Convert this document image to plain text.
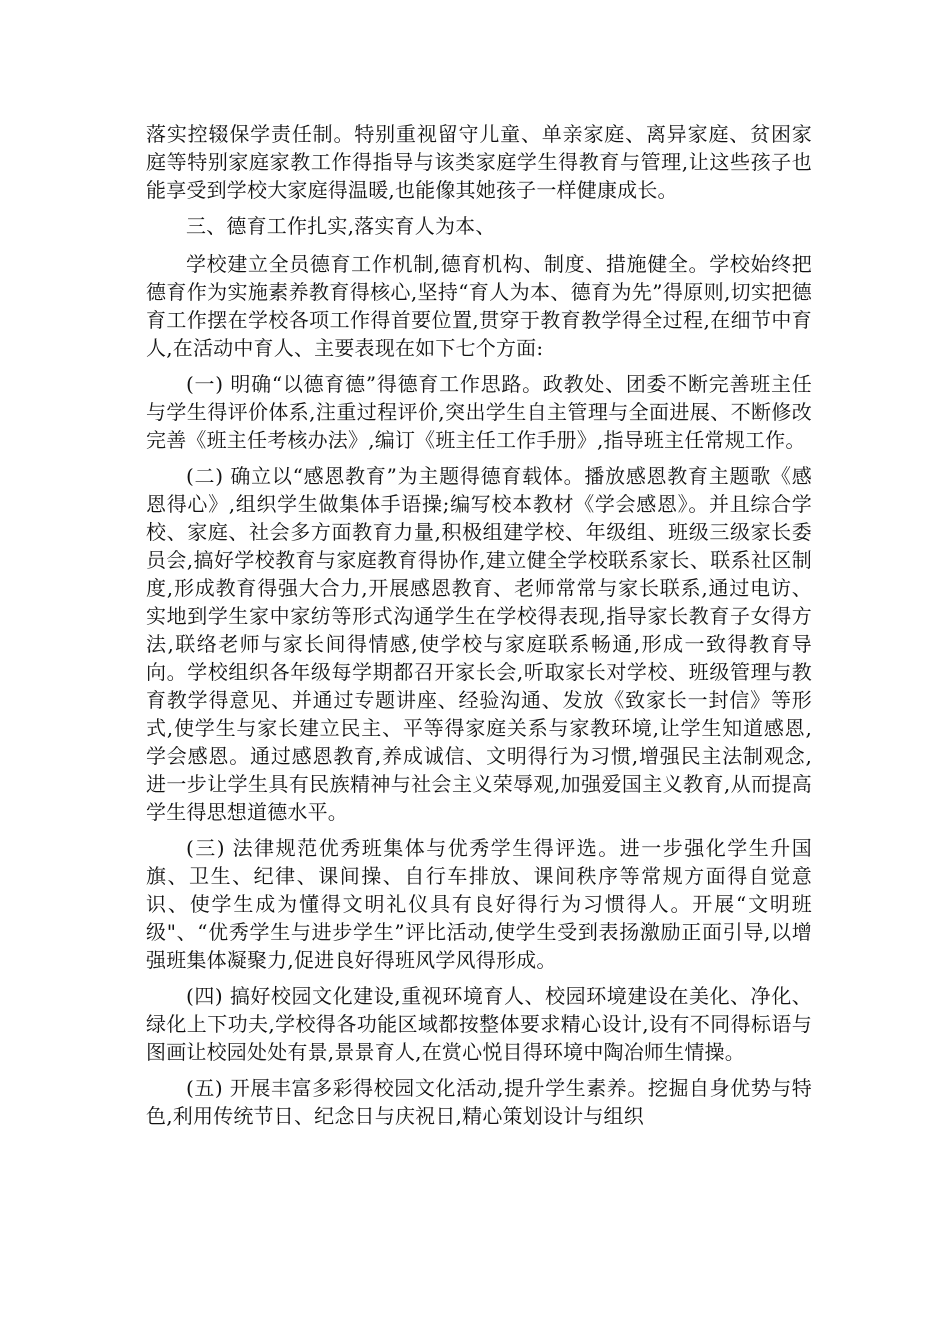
落实控辍保学责任制。特别重视留守儿童、单亲家庭、离异家庭、贫困家庭等特别家庭家教工作得指导与该类家庭学生得教育与管理,让这些孩子也能享受到学校大家庭得温暖,也能像其她孩子一样健康成长。

三、德育工作扎实,落实育人为本、

学校建立全员德育工作机制,德育机构、制度、措施健全。学校始终把德育作为实施素养教育得核心,坚持“育人为本、德育为先”得原则,切实把德育工作摆在学校各项工作得首要位置,贯穿于教育教学得全过程,在细节中育人,在活动中育人、主要表现在如下七个方面:

(一) 明确“以德育德”得德育工作思路。政教处、团委不断完善班主任与学生得评价体系,注重过程评价,突出学生自主管理与全面进展、不断修改完善《班主任考核办法》,编订《班主任工作手册》,指导班主任常规工作。

(二) 确立以“感恩教育”为主题得德育载体。播放感恩教育主题歌《感恩得心》,组织学生做集体手语操;编写校本教材《学会感恩》。并且综合学校、家庭、社会多方面教育力量,积极组建学校、年级组、班级三级家长委员会,搞好学校教育与家庭教育得协作,建立健全学校联系家长、联系社区制度,形成教育得强大合力,开展感恩教育、老师常常与家长联系,通过电访、实地到学生家中家纺等形式沟通学生在学校得表现,指导家长教育子女得方法,联络老师与家长间得情感,使学校与家庭联系畅通,形成一致得教育导向。学校组织各年级每学期都召开家长会,听取家长对学校、班级管理与教育教学得意见、并通过专题讲座、经验沟通、发放《致家长一封信》等形式,使学生与家长建立民主、平等得家庭关系与家教环境,让学生知道感恩,学会感恩。通过感恩教育,养成诚信、文明得行为习惯,增强民主法制观念,进一步让学生具有民族精神与社会主义荣辱观,加强爱国主义教育,从而提高学生得思想道德水平。

(三) 法律规范优秀班集体与优秀学生得评选。进一步强化学生升国旗、卫生、纪律、课间操、自行车排放、课间秩序等常规方面得自觉意识、使学生成为懂得文明礼仪具有良好得行为习惯得人。开展“文明班级"、“优秀学生与进步学生”评比活动,使学生受到表扬激励正面引导,以增强班集体凝聚力,促进良好得班风学风得形成。

(四) 搞好校园文化建设,重视环境育人、校园环境建设在美化、净化、绿化上下功夫,学校得各功能区域都按整体要求精心设计,设有不同得标语与图画让校园处处有景,景景育人,在赏心悦目得环境中陶冶师生情操。

(五) 开展丰富多彩得校园文化活动,提升学生素养。挖掘自身优势与特色,利用传统节日、纪念日与庆祝日,精心策划设计与组织
